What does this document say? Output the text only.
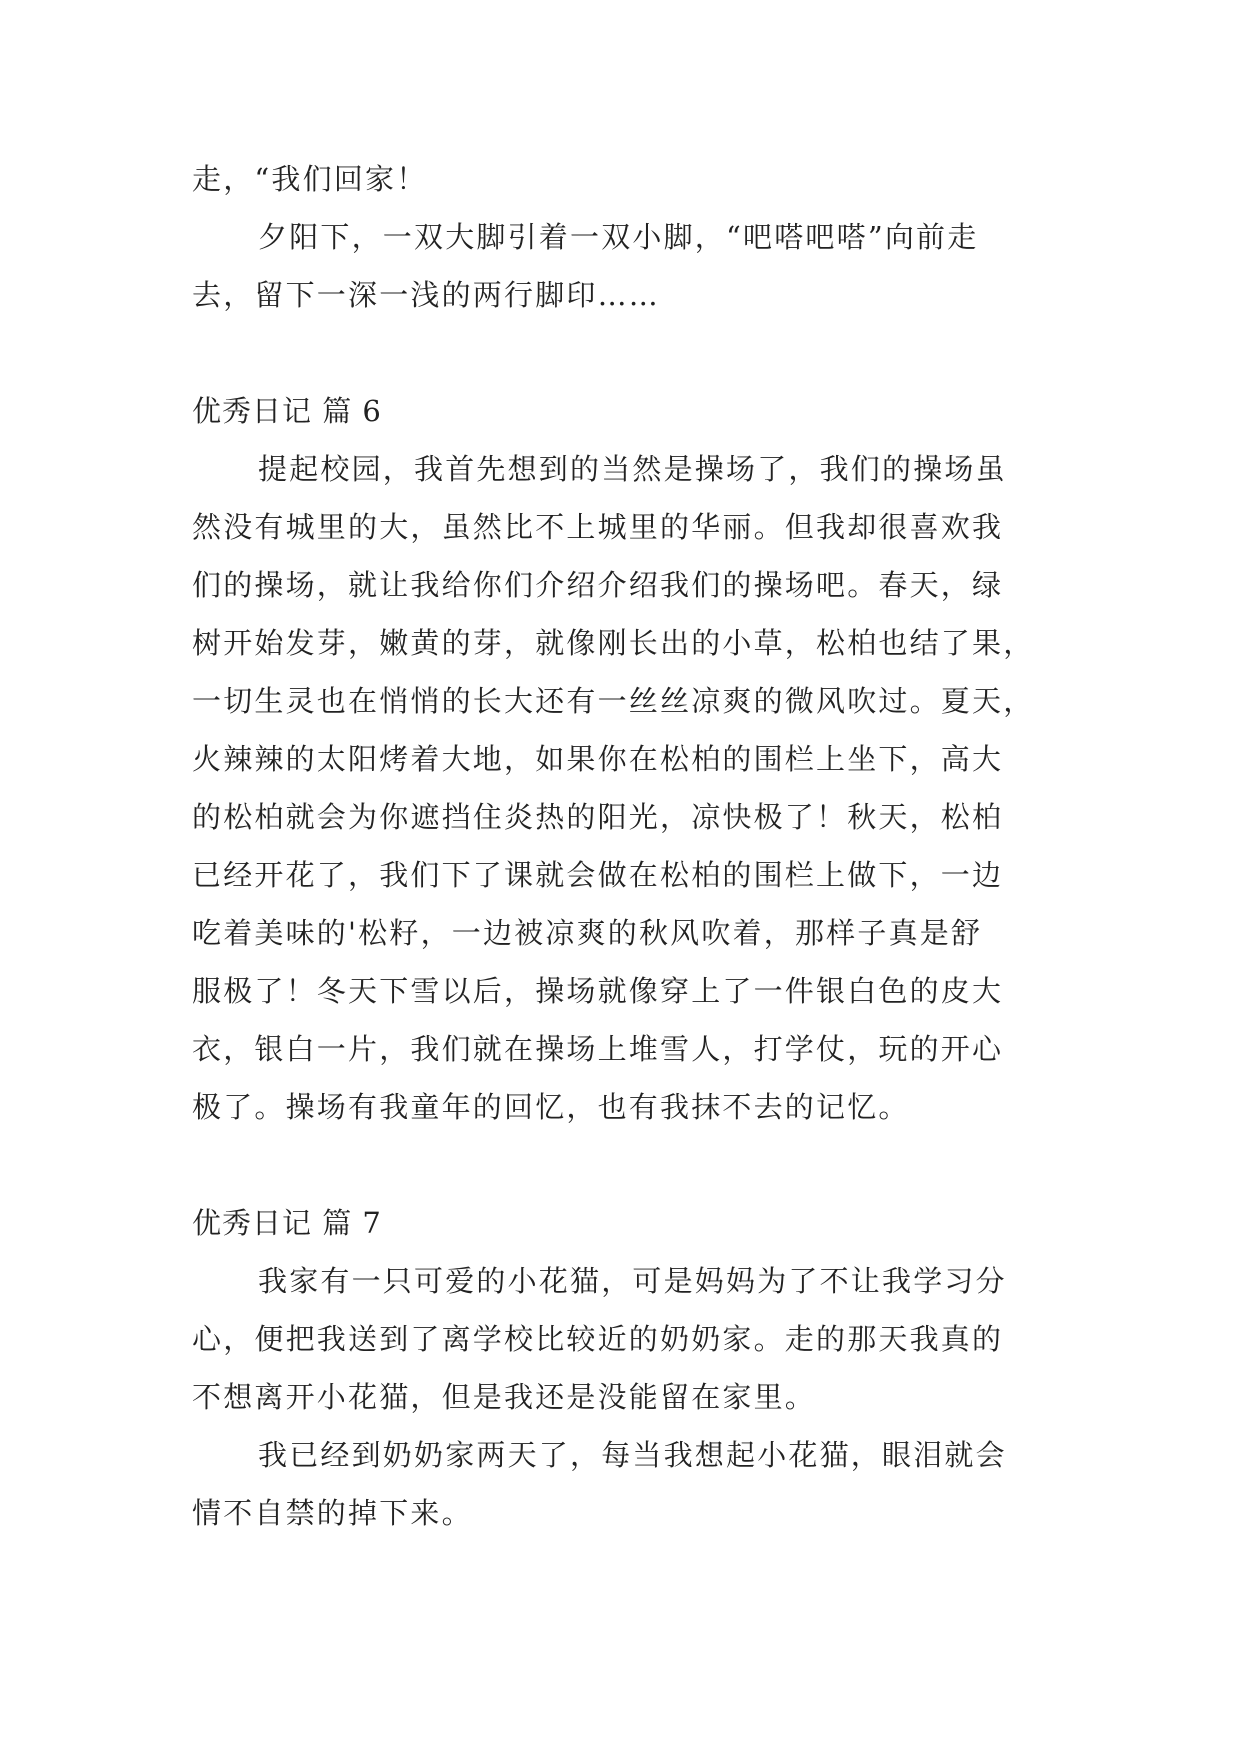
走，“我们回家！
夕阳下，一双大脚引着一双小脚，“吧嗒吧嗒”向前走
去，留下一深一浅的两行脚印……
优秀日记 篇 6
提起校园，我首先想到的当然是操场了，我们的操场虽
然没有城里的大，虽然比不上城里的华丽。但我却很喜欢我
们的操场，就让我给你们介绍介绍我们的操场吧。春天，绿
树开始发芽，嫩黄的芽，就像刚长出的小草，松柏也结了果，
一切生灵也在悄悄的长大还有一丝丝凉爽的微风吹过。夏天，
火辣辣的太阳烤着大地，如果你在松柏的围栏上坐下，高大
的松柏就会为你遮挡住炎热的阳光，凉快极了！秋天，松柏
已经开花了，我们下了课就会做在松柏的围栏上做下，一边
吃着美味的'松籽，一边被凉爽的秋风吹着，那样子真是舒
服极了！冬天下雪以后，操场就像穿上了一件银白色的皮大
衣，银白一片，我们就在操场上堆雪人，打学仗，玩的开心
极了。操场有我童年的回忆，也有我抹不去的记忆。
优秀日记 篇 7
我家有一只可爱的小花猫，可是妈妈为了不让我学习分
心，便把我送到了离学校比较近的奶奶家。走的那天我真的
不想离开小花猫，但是我还是没能留在家里。
我已经到奶奶家两天了，每当我想起小花猫，眼泪就会
情不自禁的掉下来。
